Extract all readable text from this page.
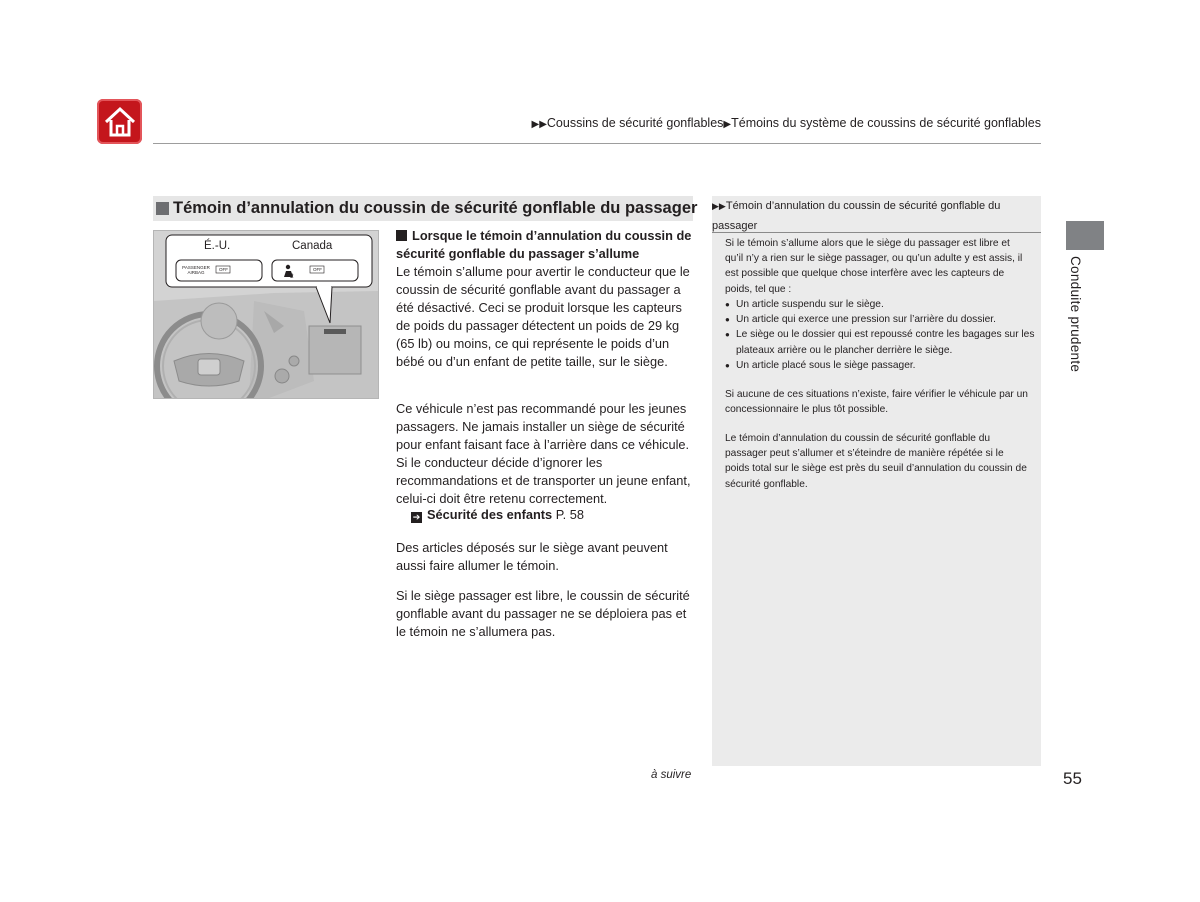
▶▶Coussins de sécurité gonflables▶Témoins du système de coussins de sécurité gonflables
Témoin d’annulation du coussin de sécurité gonflable du passager
2
É.-U.	Canada
PASSENGER AIRBAG
OFF	OFF
Lorsque le témoin d’annulation du coussin de sécurité gonflable du passager s’allume
Le témoin s’allume pour avertir le conducteur que le coussin de sécurité gonflable avant du passager a été désactivé. Ceci se produit lorsque les capteurs de poids du passager détectent un poids de 29 kg (65 lb) ou moins, ce qui représente le poids d’un bébé ou d’un enfant de petite taille, sur le siège.
Ce véhicule n’est pas recommandé pour les jeunes passagers. Ne jamais installer un siège de sécurité pour enfant faisant face à l’arrière dans ce véhicule. Si le conducteur décide d’ignorer les recommandations et de transporter un jeune enfant, celui-ci doit être retenu correctement.
➔ Sécurité des enfants P. 58
Des articles déposés sur le siège avant peuvent aussi faire allumer le témoin.
Si le siège passager est libre, le coussin de sécurité gonflable avant du passager ne se déploiera pas et le témoin ne s’allumera pas.
▶▶Témoin d’annulation du coussin de sécurité gonflable du passager
Si le témoin s’allume alors que le siège du passager est libre et qu’il n’y a rien sur le siège passager, ou qu’un adulte y est assis, il est possible que quelque chose interfère avec les capteurs de poids, tel que :
● Un article suspendu sur le siège.
● Un article qui exerce une pression sur l’arrière du dossier.
● Le siège ou le dossier qui est repoussé contre les bagages sur les plateaux arrière ou le plancher derrière le siège.
● Un article placé sous le siège passager.
Si aucune de ces situations n’existe, faire vérifier le véhicule par un concessionnaire le plus tôt possible.
Le témoin d’annulation du coussin de sécurité gonflable du passager peut s’allumer et s’éteindre de manière répétée si le poids total sur le siège est près du seuil d’annulation du coussin de sécurité gonflable.
Conduite prudente
à suivre	55
